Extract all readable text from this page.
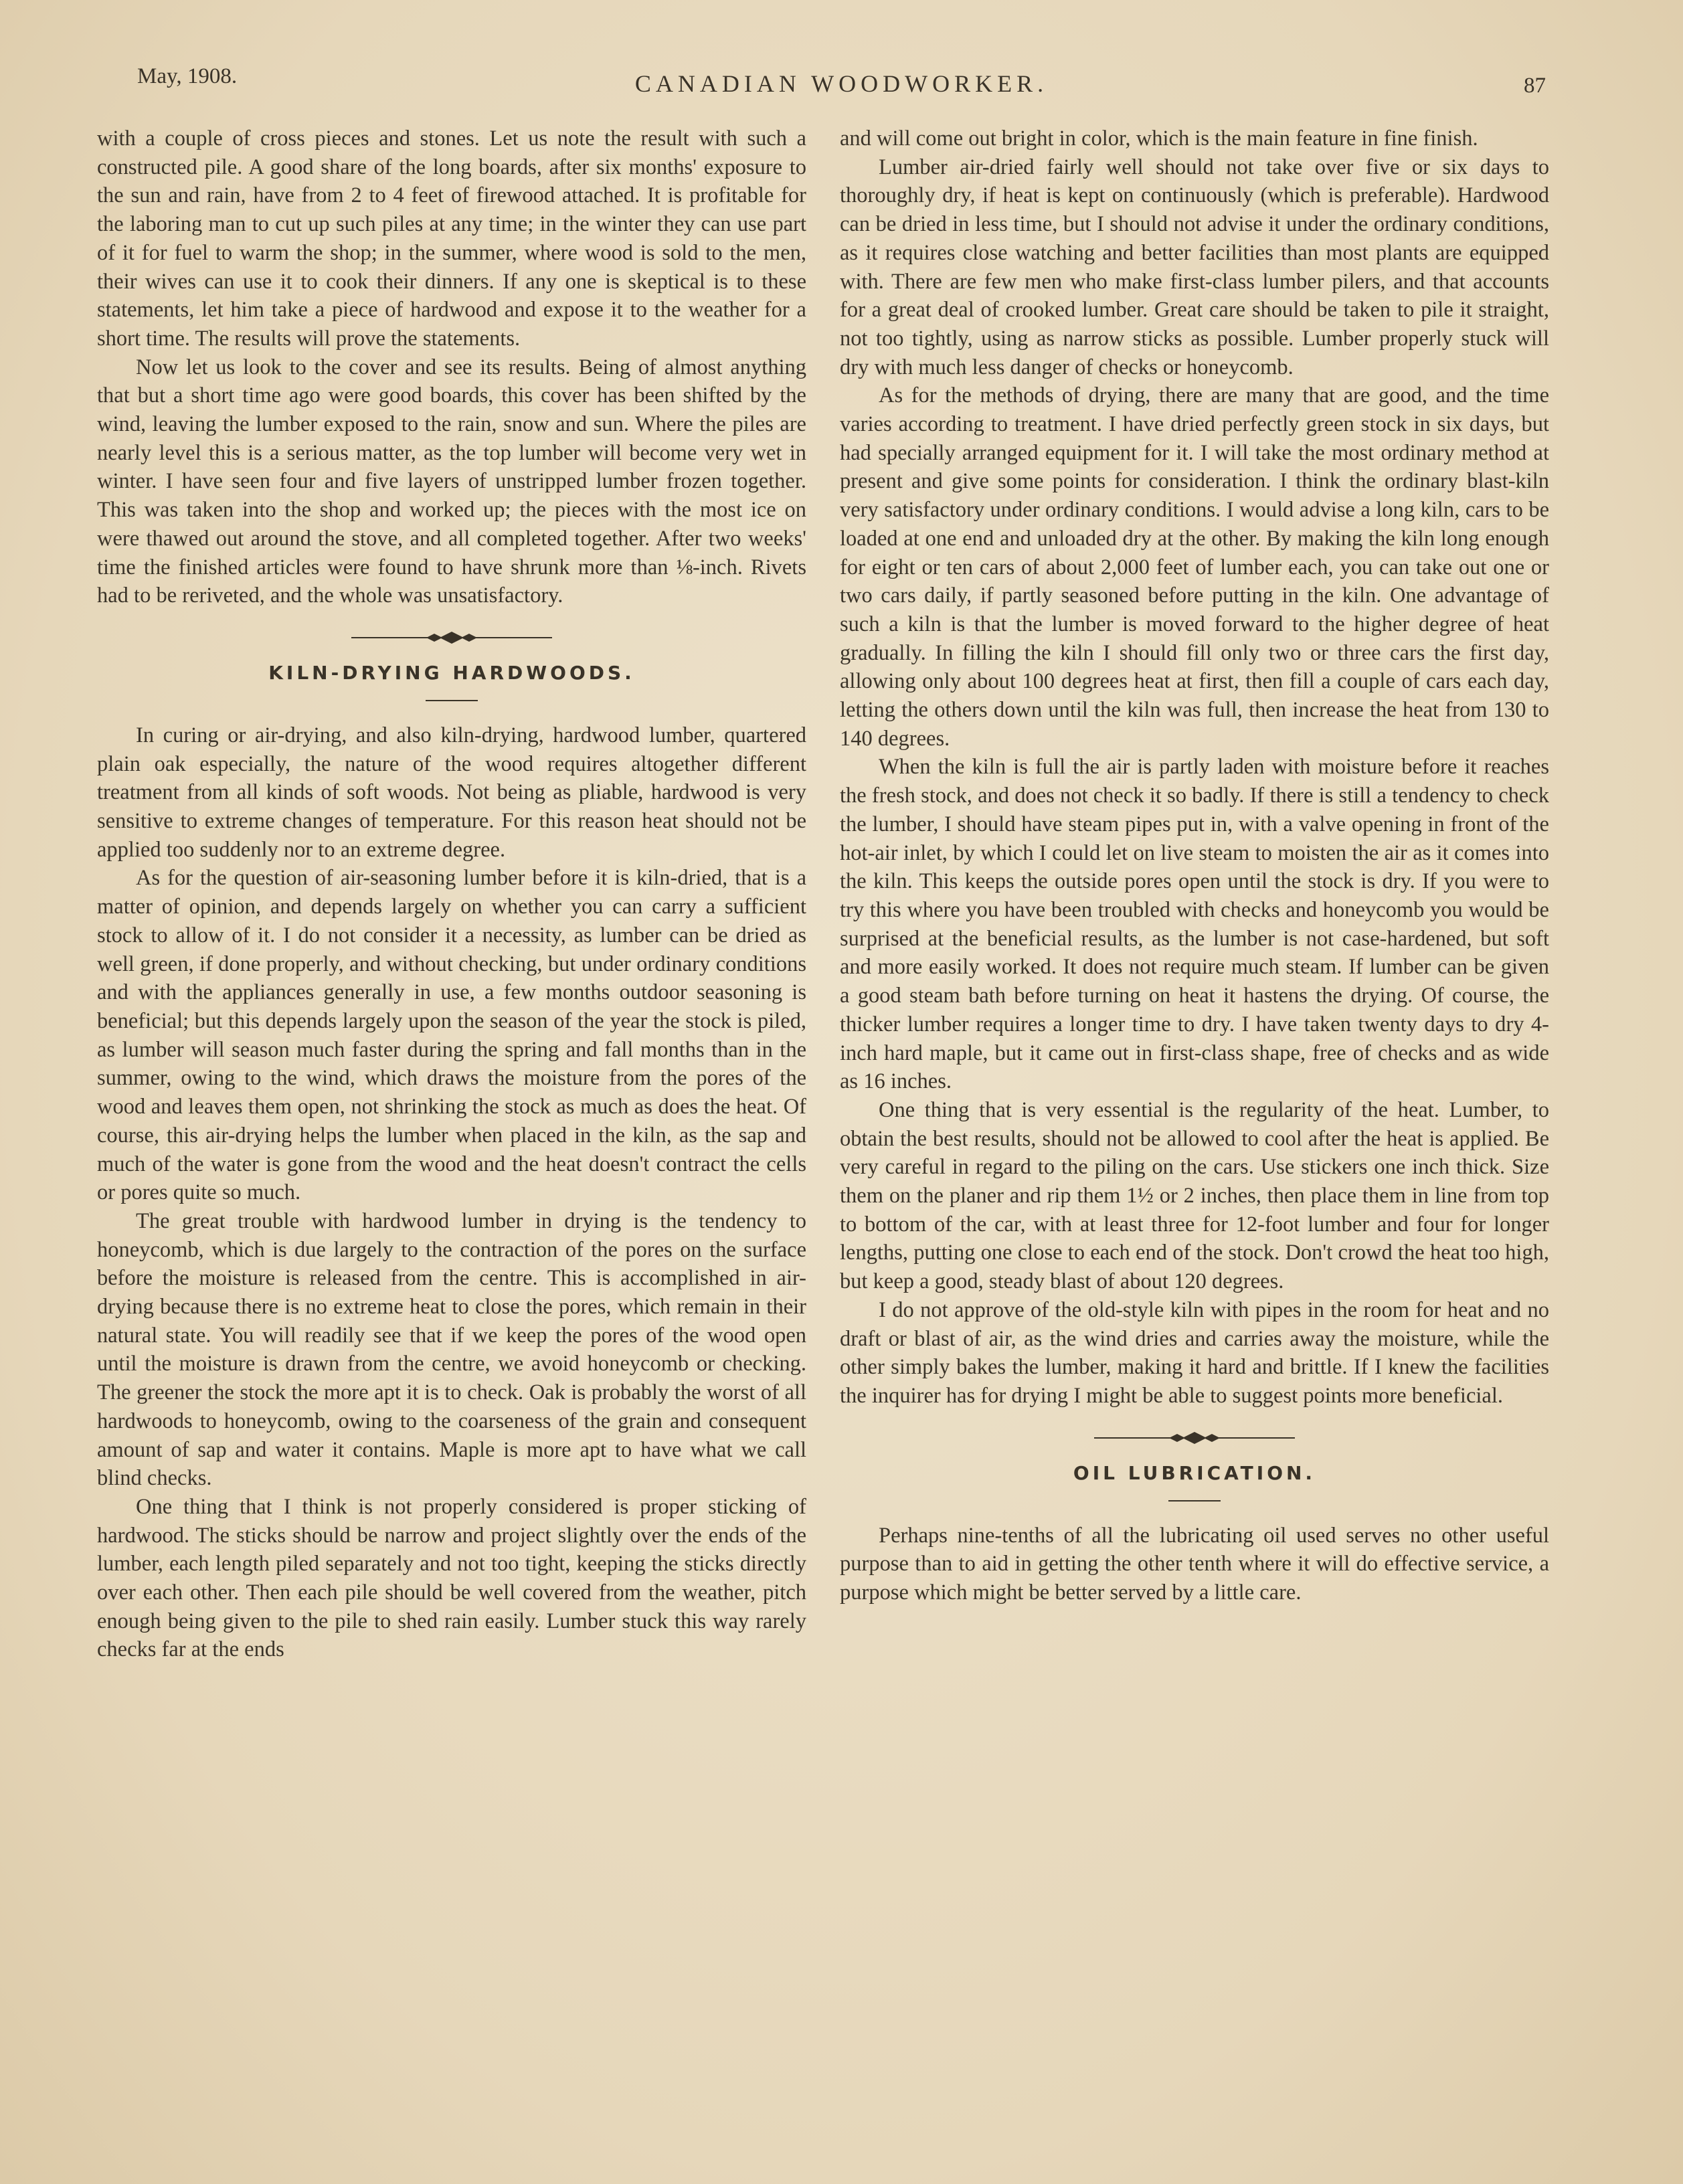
May, 1908.	CANADIAN WOODWORKER.	87

with a couple of cross pieces and stones. Let us note the result with such a constructed pile. A good share of the long boards, after six months' exposure to the sun and rain, have from 2 to 4 feet of firewood attached. It is profitable for the laboring man to cut up such piles at any time; in the winter they can use part of it for fuel to warm the shop; in the summer, where wood is sold to the men, their wives can use it to cook their dinners. If any one is skeptical is to these statements, let him take a piece of hardwood and expose it to the weather for a short time. The results will prove the statements.

Now let us look to the cover and see its results. Being of almost anything that but a short time ago were good boards, this cover has been shifted by the wind, leaving the lumber exposed to the rain, snow and sun. Where the piles are nearly level this is a serious matter, as the top lumber will become very wet in winter. I have seen four and five layers of unstripped lumber frozen together. This was taken into the shop and worked up; the pieces with the most ice on were thawed out around the stove, and all completed together. After two weeks' time the finished articles were found to have shrunk more than ⅛-inch. Rivets had to be reriveted, and the whole was unsatisfactory.

KILN-DRYING HARDWOODS.

In curing or air-drying, and also kiln-drying, hardwood lumber, quartered plain oak especially, the nature of the wood requires altogether different treatment from all kinds of soft woods. Not being as pliable, hardwood is very sensitive to extreme changes of temperature. For this reason heat should not be applied too suddenly nor to an extreme degree.

As for the question of air-seasoning lumber before it is kiln-dried, that is a matter of opinion, and depends largely on whether you can carry a sufficient stock to allow of it. I do not consider it a necessity, as lumber can be dried as well green, if done properly, and without checking, but under ordinary conditions and with the appliances generally in use, a few months outdoor seasoning is beneficial; but this depends largely upon the season of the year the stock is piled, as lumber will season much faster during the spring and fall months than in the summer, owing to the wind, which draws the moisture from the pores of the wood and leaves them open, not shrinking the stock as much as does the heat. Of course, this air-drying helps the lumber when placed in the kiln, as the sap and much of the water is gone from the wood and the heat doesn't contract the cells or pores quite so much.

The great trouble with hardwood lumber in drying is the tendency to honeycomb, which is due largely to the contraction of the pores on the surface before the moisture is released from the centre. This is accomplished in air-drying because there is no extreme heat to close the pores, which remain in their natural state. You will readily see that if we keep the pores of the wood open until the moisture is drawn from the centre, we avoid honeycomb or checking. The greener the stock the more apt it is to check. Oak is probably the worst of all hardwoods to honeycomb, owing to the coarseness of the grain and consequent amount of sap and water it contains. Maple is more apt to have what we call blind checks.

One thing that I think is not properly considered is proper sticking of hardwood. The sticks should be narrow and project slightly over the ends of the lumber, each length piled separately and not too tight, keeping the sticks directly over each other. Then each pile should be well covered from the weather, pitch enough being given to the pile to shed rain easily. Lumber stuck this way rarely checks far at the ends

and will come out bright in color, which is the main feature in fine finish.

Lumber air-dried fairly well should not take over five or six days to thoroughly dry, if heat is kept on continuously (which is preferable). Hardwood can be dried in less time, but I should not advise it under the ordinary conditions, as it requires close watching and better facilities than most plants are equipped with. There are few men who make first-class lumber pilers, and that accounts for a great deal of crooked lumber. Great care should be taken to pile it straight, not too tightly, using as narrow sticks as possible. Lumber properly stuck will dry with much less danger of checks or honeycomb.

As for the methods of drying, there are many that are good, and the time varies according to treatment. I have dried perfectly green stock in six days, but had specially arranged equipment for it. I will take the most ordinary method at present and give some points for consideration. I think the ordinary blast-kiln very satisfactory under ordinary conditions. I would advise a long kiln, cars to be loaded at one end and unloaded dry at the other. By making the kiln long enough for eight or ten cars of about 2,000 feet of lumber each, you can take out one or two cars daily, if partly seasoned before putting in the kiln. One advantage of such a kiln is that the lumber is moved forward to the higher degree of heat gradually. In filling the kiln I should fill only two or three cars the first day, allowing only about 100 degrees heat at first, then fill a couple of cars each day, letting the others down until the kiln was full, then increase the heat from 130 to 140 degrees.

When the kiln is full the air is partly laden with moisture before it reaches the fresh stock, and does not check it so badly. If there is still a tendency to check the lumber, I should have steam pipes put in, with a valve opening in front of the hot-air inlet, by which I could let on live steam to moisten the air as it comes into the kiln. This keeps the outside pores open until the stock is dry. If you were to try this where you have been troubled with checks and honeycomb you would be surprised at the beneficial results, as the lumber is not case-hardened, but soft and more easily worked. It does not require much steam. If lumber can be given a good steam bath before turning on heat it hastens the drying. Of course, the thicker lumber requires a longer time to dry. I have taken twenty days to dry 4-inch hard maple, but it came out in first-class shape, free of checks and as wide as 16 inches.

One thing that is very essential is the regularity of the heat. Lumber, to obtain the best results, should not be allowed to cool after the heat is applied. Be very careful in regard to the piling on the cars. Use stickers one inch thick. Size them on the planer and rip them 1½ or 2 inches, then place them in line from top to bottom of the car, with at least three for 12-foot lumber and four for longer lengths, putting one close to each end of the stock. Don't crowd the heat too high, but keep a good, steady blast of about 120 degrees.

I do not approve of the old-style kiln with pipes in the room for heat and no draft or blast of air, as the wind dries and carries away the moisture, while the other simply bakes the lumber, making it hard and brittle. If I knew the facilities the inquirer has for drying I might be able to suggest points more beneficial.

OIL LUBRICATION.

Perhaps nine-tenths of all the lubricating oil used serves no other useful purpose than to aid in getting the other tenth where it will do effective service, a purpose which might be better served by a little care.
